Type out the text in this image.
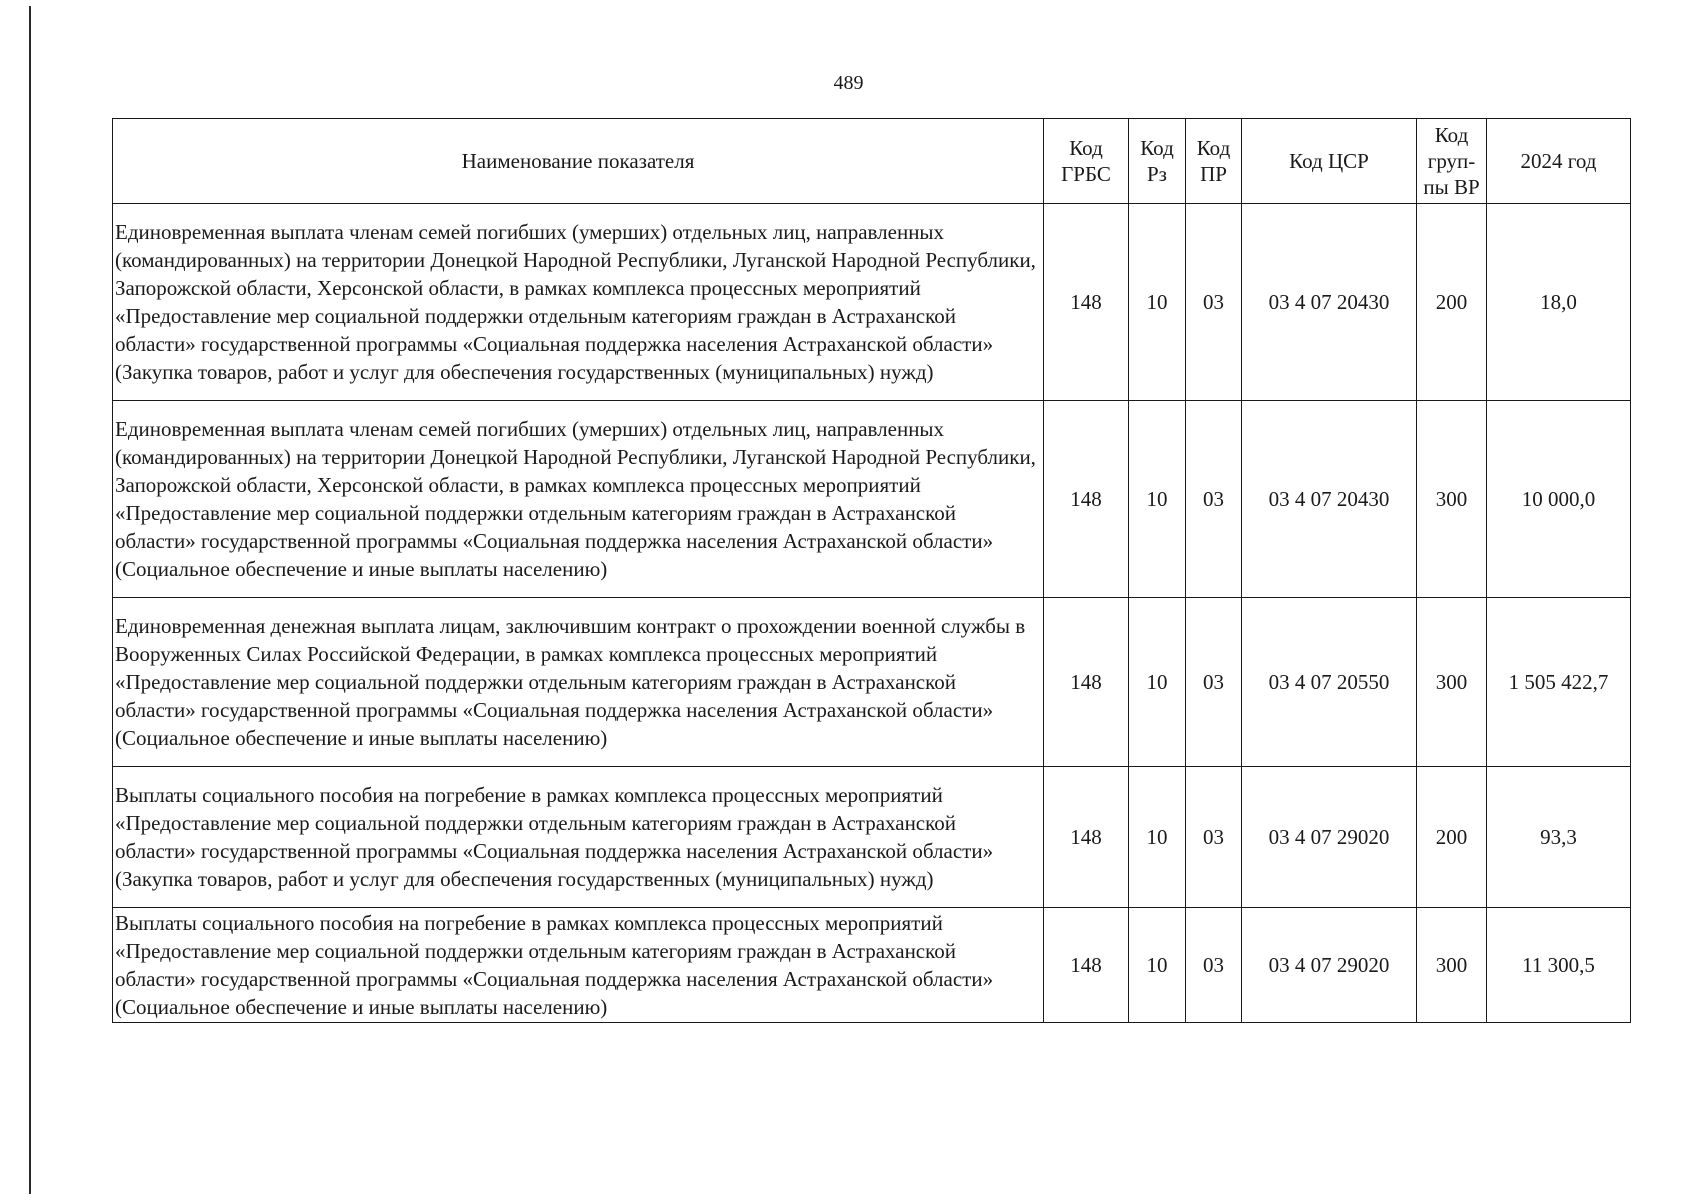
489
Наименование показателя	Код ГРБС	Код Рз	Код ПР	Код ЦСР	Код груп-пы ВР	2024 год
Единовременная выплата членам семей погибших (умерших) отдельных лиц, направленных (командированных) на территории Донецкой Народной Республики, Луганской Народной Республики, Запорожской области, Херсонской области, в рамках комплекса процессных мероприятий «Предоставление мер социальной поддержки отдельным категориям граждан в Астраханской области» государственной программы «Социальная поддержка населения Астраханской области» (Закупка товаров, работ и услуг для обеспечения государственных (муниципальных) нужд)	148	10	03	03 4 07 20430	200	18,0
Единовременная выплата членам семей погибших (умерших) отдельных лиц, направленных (командированных) на территории Донецкой Народной Республики, Луганской Народной Республики, Запорожской области, Херсонской области, в рамках комплекса процессных мероприятий «Предоставление мер социальной поддержки отдельным категориям граждан в Астраханской области» государственной программы «Социальная поддержка населения Астраханской области» (Социальное обеспечение и иные выплаты населению)	148	10	03	03 4 07 20430	300	10 000,0
Единовременная денежная выплата лицам, заключившим контракт о прохождении военной службы в Вооруженных Силах Российской Федерации, в рамках комплекса процессных мероприятий «Предоставление мер социальной поддержки отдельным категориям граждан в Астраханской области» государственной программы «Социальная поддержка населения Астраханской области» (Социальное обеспечение и иные выплаты населению)	148	10	03	03 4 07 20550	300	1 505 422,7
Выплаты социального пособия на погребение в рамках комплекса процессных мероприятий «Предоставление мер социальной поддержки отдельным категориям граждан в Астраханской области» государственной программы «Социальная поддержка населения Астраханской области» (Закупка товаров, работ и услуг для обеспечения государственных (муниципальных) нужд)	148	10	03	03 4 07 29020	200	93,3
Выплаты социального пособия на погребение в рамках комплекса процессных мероприятий «Предоставление мер социальной поддержки отдельным категориям граждан в Астраханской области» государственной программы «Социальная поддержка населения Астраханской области» (Социальное обеспечение и иные выплаты населению)	148	10	03	03 4 07 29020	300	11 300,5
